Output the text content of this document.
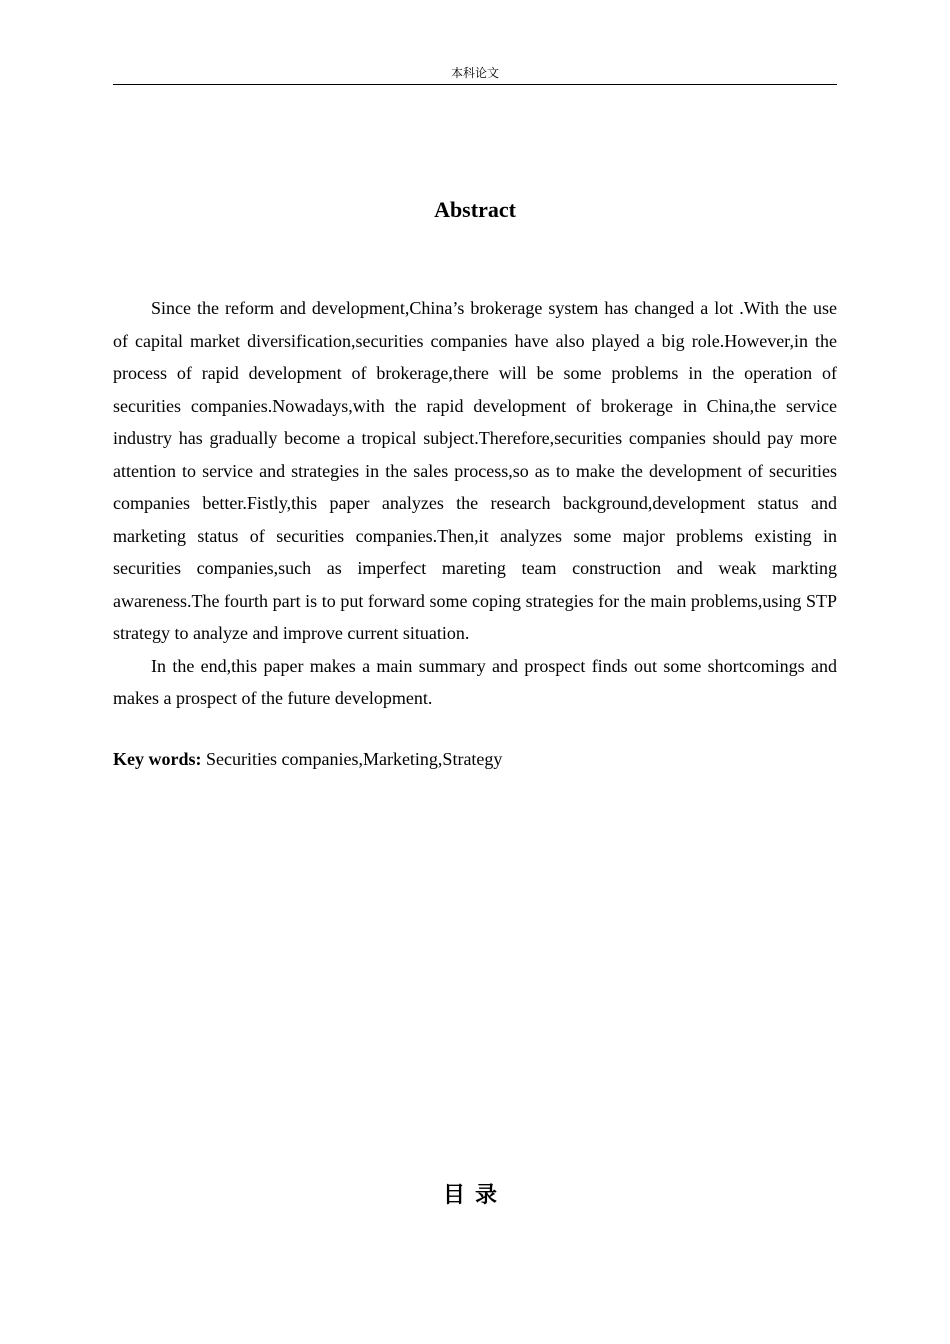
本科论文
Abstract

Since the reform and development,China’s brokerage system has changed a lot .With the use of capital market diversification,securities companies have also played a big role.However,in the process of rapid development of brokerage,there will be some problems in the operation of securities companies.Nowadays,with the rapid development of brokerage in China,the service industry has gradually become a tropical subject.Therefore,securities companies should pay more attention to service and strategies in the sales process,so as to make the development of securities companies better.Fistly,this paper analyzes the research background,development status and marketing status of securities companies.Then,it analyzes some major problems existing in securities companies,such as imperfect mareting team construction and weak markting awareness.The fourth part is to put forward some coping strategies for the main problems,using STP strategy to analyze and improve current situation.

In the end,this paper makes a main summary and prospect finds out some shortcomings and makes a prospect of the future development.

Key words: Securities companies,Marketing,Strategy
目录
